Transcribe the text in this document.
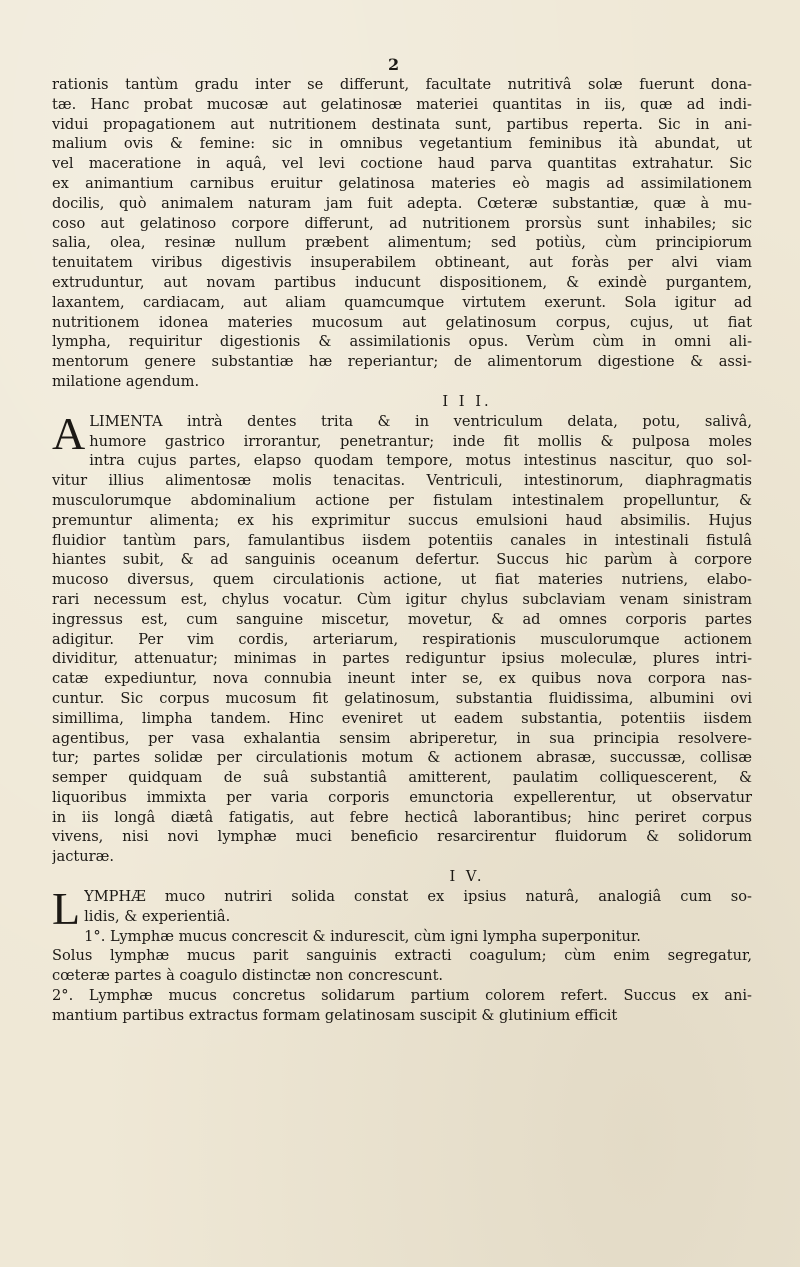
2
rationis tantùm gradu inter se differunt, facultate nutritivâ solæ fuerunt dona-
tæ. Hanc probat mucosæ aut gelatinosæ materiei quantitas in iis, quæ ad indi-
vidui propagationem aut nutritionem destinata sunt, partibus reperta. Sic in ani-
malium ovis & femine: sic in omnibus vegetantium feminibus ità abundat, ut
vel maceratione in aquâ, vel levi coctione haud parva quantitas extrahatur. Sic
ex animantium carnibus eruitur gelatinosa materies eò magis ad assimilationem
docilis, quò animalem naturam jam fuit adepta. Cœteræ substantiæ, quæ à mu-
coso aut gelatinoso corpore differunt, ad nutritionem prorsùs sunt inhabiles; sic
salia, olea, resinæ nullum præbent alimentum; sed potiùs, cùm principiorum
tenuitatem viribus digestivis insuperabilem obtineant, aut foràs per alvi viam
extruduntur, aut novam partibus inducunt dispositionem, & exindè purgantem,
laxantem, cardiacam, aut aliam quamcumque virtutem exerunt. Sola igitur ad
nutritionem idonea materies mucosum aut gelatinosum corpus, cujus, ut fiat
lympha, requiritur digestionis & assimilationis opus. Verùm cùm in omni ali-
mentorum genere substantiæ hæ reperiantur; de alimentorum digestione & assi-
milatione agendum.
I I I.
A LIMENTA intrà dentes trita & in ventriculum delata, potu, salivâ,
humore gastrico irrorantur, penetrantur; inde fit mollis & pulposa moles
intra cujus partes, elapso quodam tempore, motus intestinus nascitur, quo sol-
vitur illius alimentosæ molis tenacitas. Ventriculi, intestinorum, diaphragmatis
musculorumque abdominalium actione per fistulam intestinalem propelluntur, &
premuntur alimenta; ex his exprimitur succus emulsioni haud absimilis. Hujus
fluidior tantùm pars, famulantibus iisdem potentiis canales in intestinali fistulâ
hiantes subit, & ad sanguinis oceanum defertur. Succus hic parùm à corpore
mucoso diversus, quem circulationis actione, ut fiat materies nutriens, elabo-
rari necessum est, chylus vocatur. Cùm igitur chylus subclaviam venam sinistram
ingressus est, cum sanguine miscetur, movetur, & ad omnes corporis partes
adigitur. Per vim cordis, arteriarum, respirationis musculorumque actionem
dividitur, attenuatur; minimas in partes rediguntur ipsius moleculæ, plures intri-
catæ expediuntur, nova connubia ineunt inter se, ex quibus nova corpora nas-
cuntur. Sic corpus mucosum fit gelatinosum, substantia fluidissima, albumini ovi
simillima, limpha tandem. Hinc eveniret ut eadem substantia, potentiis iisdem
agentibus, per vasa exhalantia sensim abriperetur, in sua principia resolvere-
tur; partes solidæ per circulationis motum & actionem abrasæ, succussæ, collisæ
semper quidquam de suâ substantiâ amitterent, paulatim colliquescerent, &
liquoribus immixta per varia corporis emunctoria expellerentur, ut observatur
in iis longâ diætâ fatigatis, aut febre hecticâ laborantibus; hinc periret corpus
vivens, nisi novi lymphæ muci beneficio resarcirentur fluidorum & solidorum
jacturæ.
I V.
L YMPHÆ muco nutriri solida constat ex ipsius naturâ, analogiâ cum so-
lidis, & experientiâ.
1°. Lymphæ mucus concrescit & indurescit, cùm igni lympha superponitur.
Solus lymphæ mucus parit sanguinis extracti coagulum; cùm enim segregatur,
cœteræ partes à coagulo distinctæ non concrescunt.
2°. Lymphæ mucus concretus solidarum partium colorem refert. Succus ex ani-
mantium partibus extractus formam gelatinosam suscipit & glutinium efficit
